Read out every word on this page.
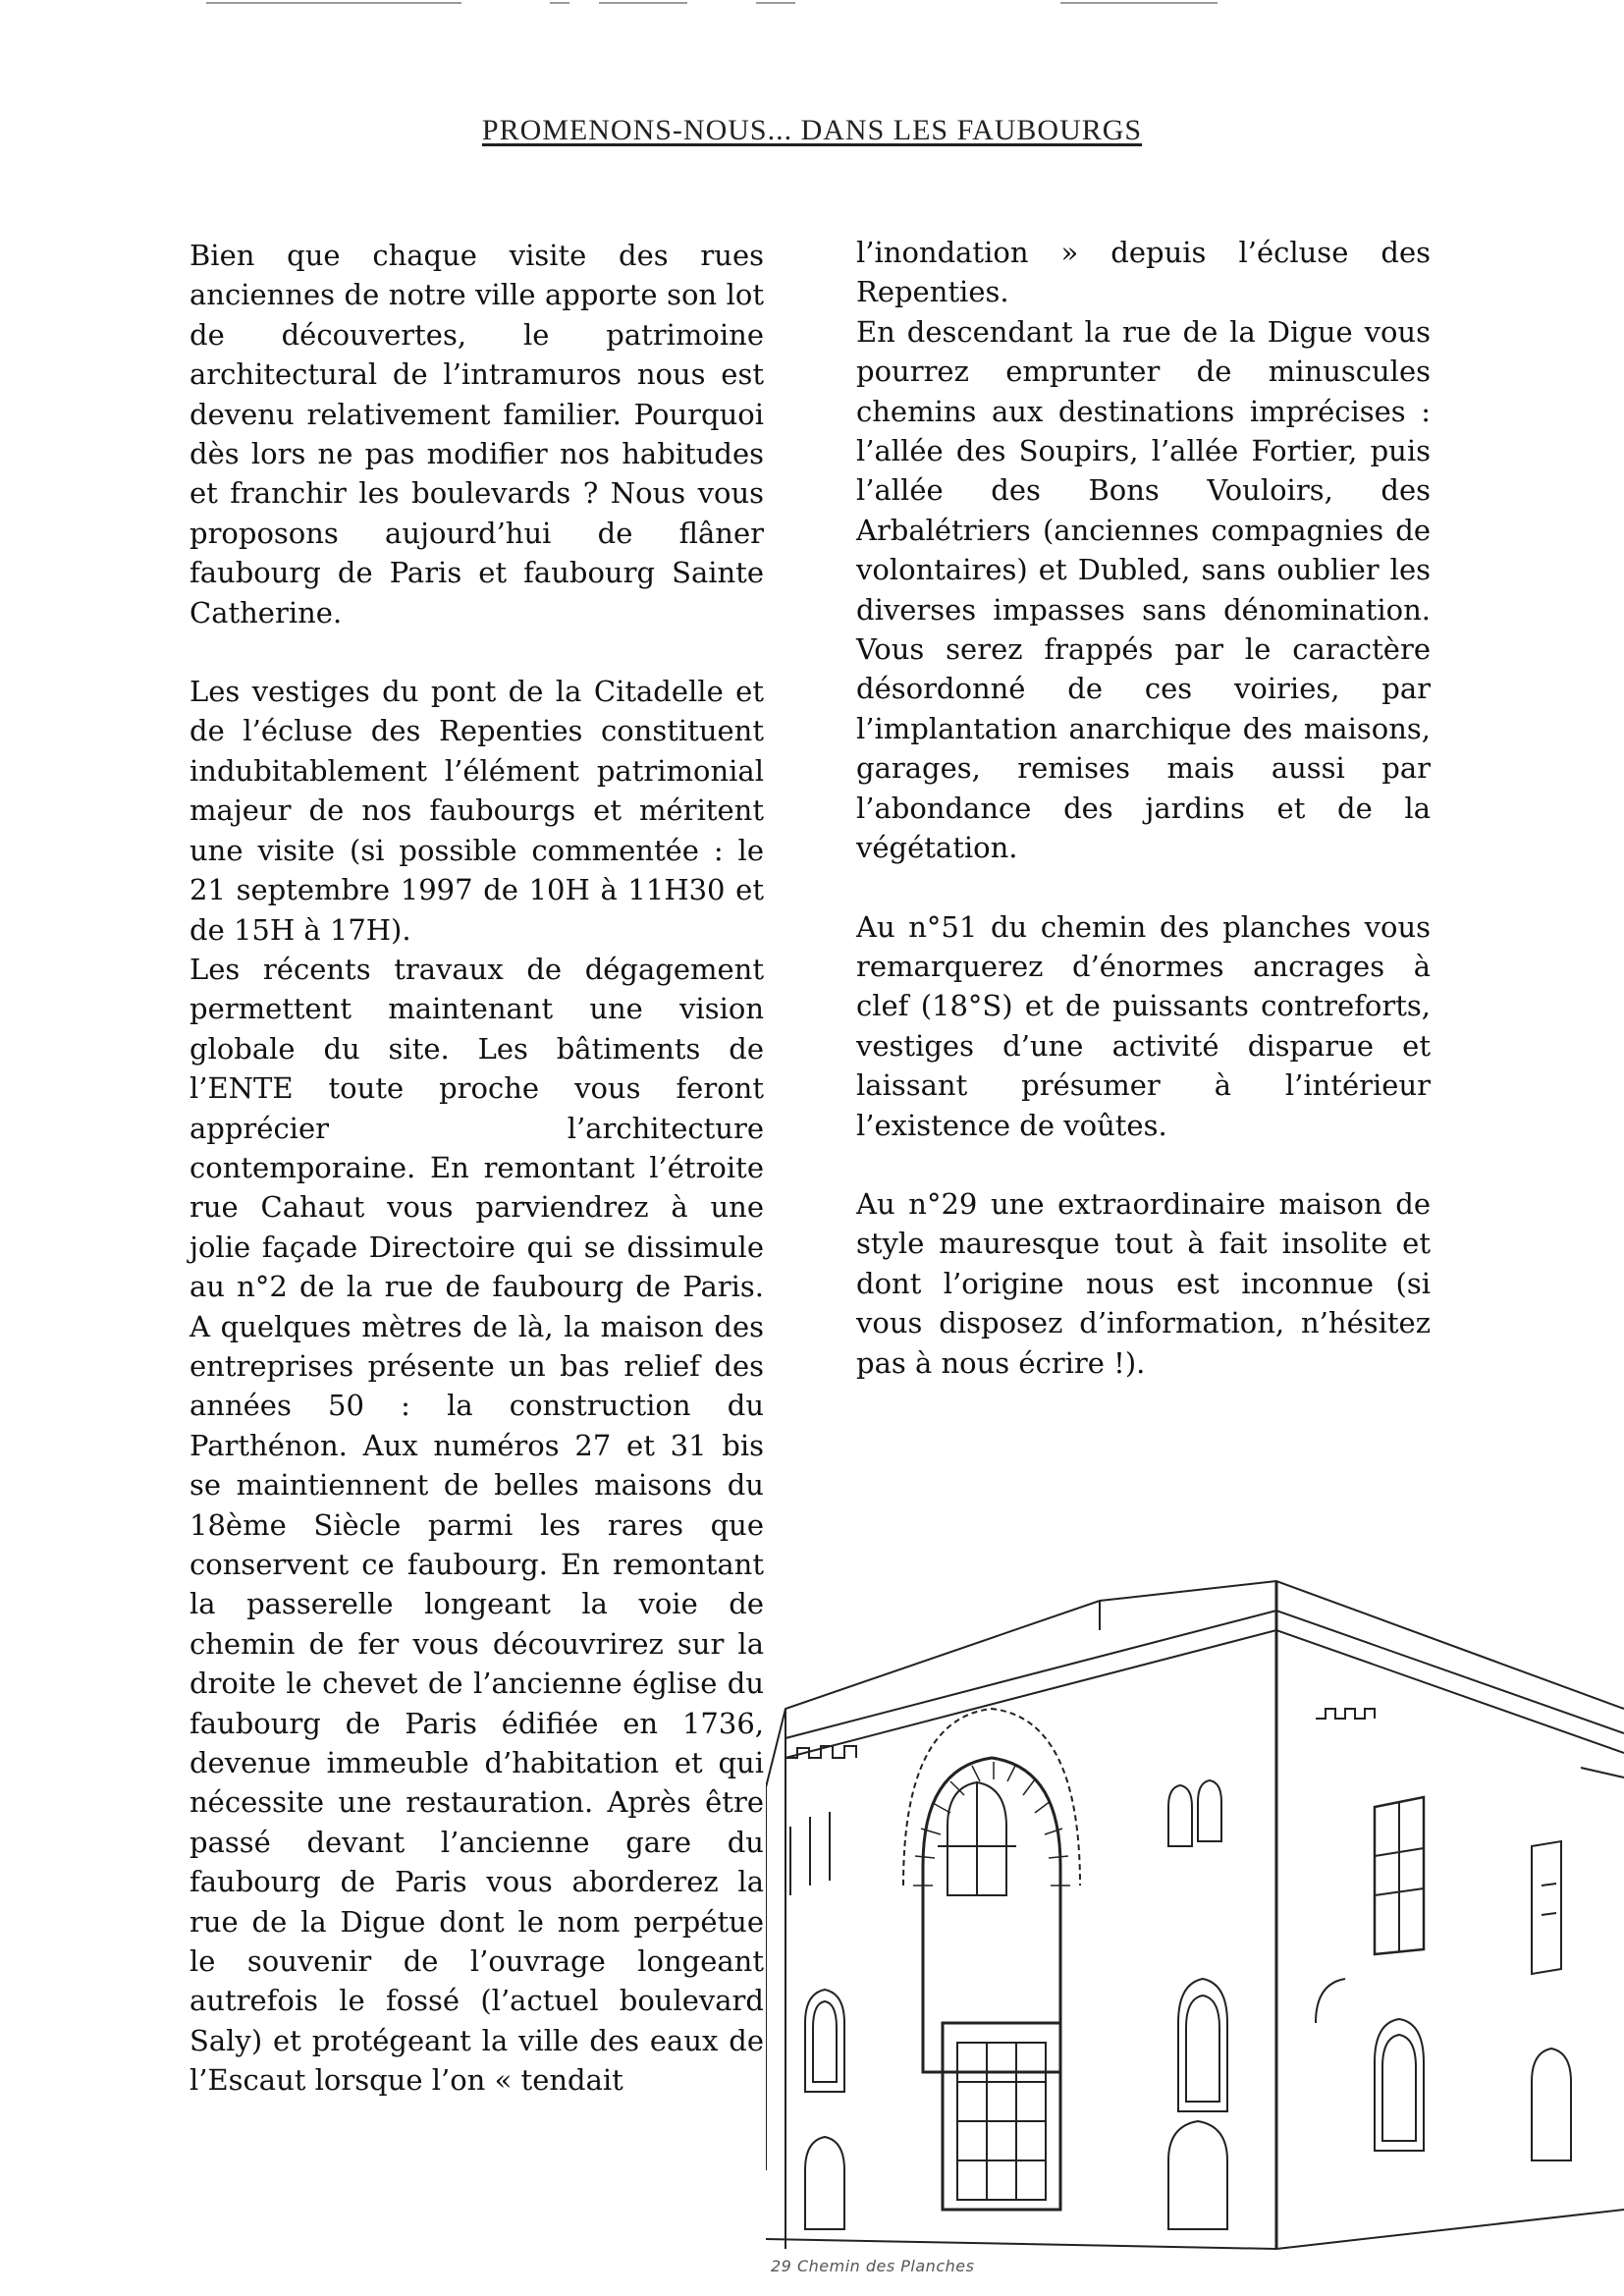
PROMENONS-NOUS... DANS LES FAUBOURGS

Bien que chaque visite des rues anciennes de notre ville apporte son lot de découvertes, le patrimoine architectural de l’intramuros nous est devenu relativement familier. Pourquoi dès lors ne pas modifier nos habitudes et franchir les boulevards ? Nous vous proposons aujourd’hui de flâner faubourg de Paris et faubourg Sainte Catherine.

Les vestiges du pont de la Citadelle et de l’écluse des Repenties constituent indubitablement l’élément patrimonial majeur de nos faubourgs et méritent une visite (si possible commentée : le 21 septembre 1997 de 10H à 11H30 et de 15H à 17H).

Les récents travaux de dégagement permettent maintenant une vision globale du site. Les bâtiments de l’ENTE toute proche vous feront apprécier l’architecture contemporaine. En remontant l’étroite rue Cahaut vous parviendrez à une jolie façade Directoire qui se dissimule au n°2 de la rue de faubourg de Paris. A quelques mètres de là, la maison des entreprises présente un bas relief des années 50 : la construction du Parthénon. Aux numéros 27 et 31 bis se maintiennent de belles maisons du 18ème Siècle parmi les rares que conservent ce faubourg. En remontant la passerelle longeant la voie de chemin de fer vous découvrirez sur la droite le chevet de l’ancienne église du faubourg de Paris édifiée en 1736, devenue immeuble d’habitation et qui nécessite une restauration. Après être passé devant l’ancienne gare du faubourg de Paris vous aborderez la rue de la Digue dont le nom perpétue le souvenir de l’ouvrage longeant autrefois le fossé (l’actuel boulevard Saly) et protégeant la ville des eaux de l’Escaut lorsque l’on « tendait

l’inondation » depuis l’écluse des Repenties.

En descendant la rue de la Digue vous pourrez emprunter de minuscules chemins aux destinations imprécises : l’allée des Soupirs, l’allée Fortier, puis l’allée des Bons Vouloirs, des Arbalétriers (anciennes compagnies de volontaires) et Dubled, sans oublier les diverses impasses sans dénomination. Vous serez frappés par le caractère désordonné de ces voiries, par l’implantation anarchique des maisons, garages, remises mais aussi par l’abondance des jardins et de la végétation.

Au n°51 du chemin des planches vous remarquerez d’énormes ancrages à clef (18°S) et de puissants contreforts, vestiges d’une activité disparue et laissant présumer à l’intérieur l’existence de voûtes.

Au n°29 une extraordinaire maison de style mauresque tout à fait insolite et dont l’origine nous est inconnue (si vous disposez d’information, n’hésitez pas à nous écrire !).

29 Chemin des Planches
